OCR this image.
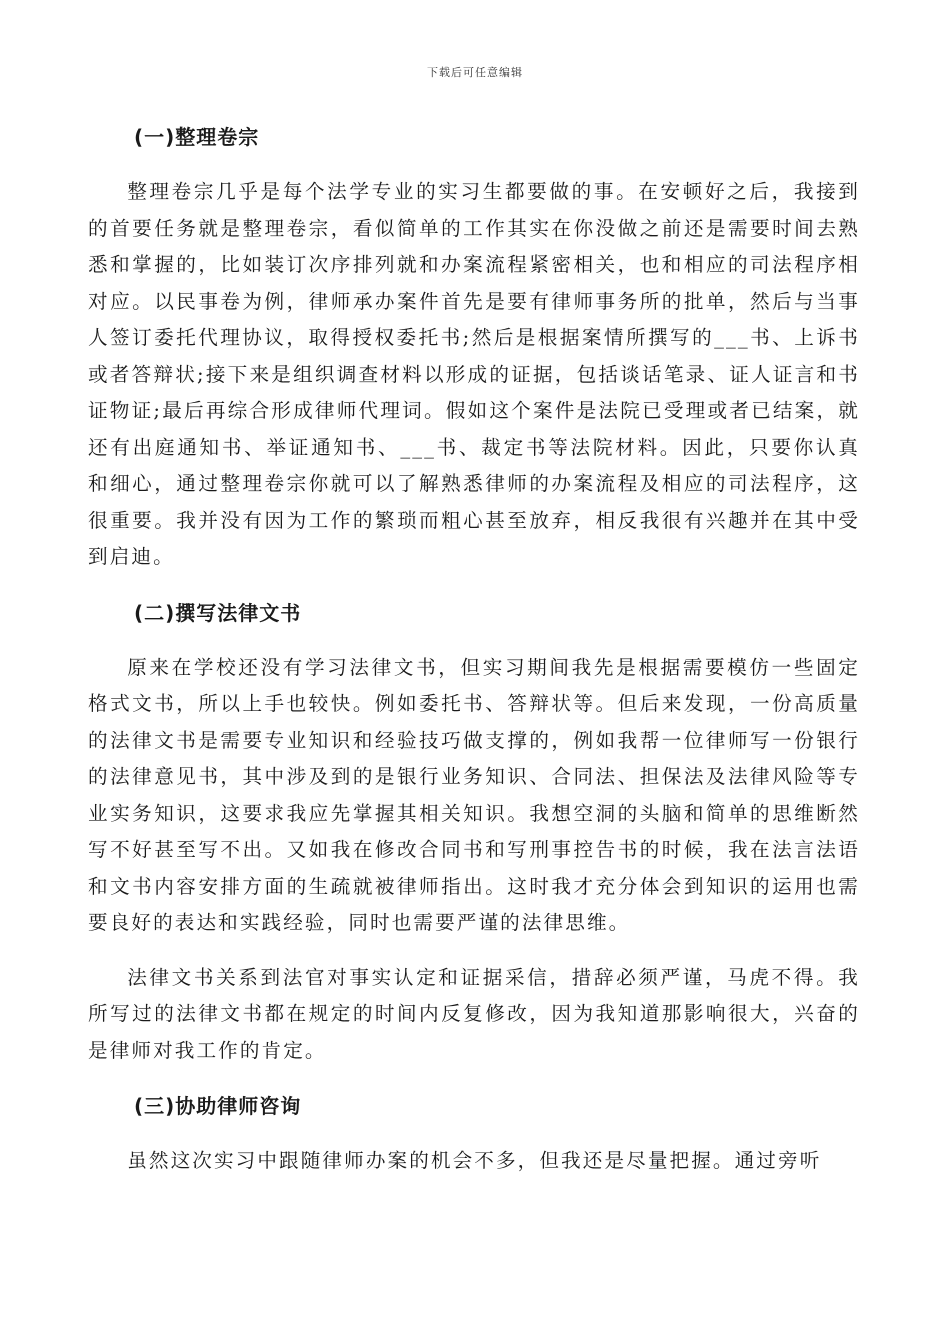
下载后可任意编辑
(一)整理卷宗

整理卷宗几乎是每个法学专业的实习生都要做的事。在安顿好之后，我接到的首要任务就是整理卷宗，看似简单的工作其实在你没做之前还是需要时间去熟悉和掌握的，比如装订次序排列就和办案流程紧密相关，也和相应的司法程序相对应。以民事卷为例，律师承办案件首先是要有律师事务所的批单，然后与当事人签订委托代理协议，取得授权委托书;然后是根据案情所撰写的___书、上诉书或者答辩状;接下来是组织调查材料以形成的证据，包括谈话笔录、证人证言和书证物证;最后再综合形成律师代理词。假如这个案件是法院已受理或者已结案，就还有出庭通知书、举证通知书、___书、裁定书等法院材料。因此，只要你认真和细心，通过整理卷宗你就可以了解熟悉律师的办案流程及相应的司法程序，这很重要。我并没有因为工作的繁琐而粗心甚至放弃，相反我很有兴趣并在其中受到启迪。

(二)撰写法律文书

原来在学校还没有学习法律文书，但实习期间我先是根据需要模仿一些固定格式文书，所以上手也较快。例如委托书、答辩状等。但后来发现，一份高质量的法律文书是需要专业知识和经验技巧做支撑的，例如我帮一位律师写一份银行的法律意见书，其中涉及到的是银行业务知识、合同法、担保法及法律风险等专业实务知识，这要求我应先掌握其相关知识。我想空洞的头脑和简单的思维断然写不好甚至写不出。又如我在修改合同书和写刑事控告书的时候，我在法言法语和文书内容安排方面的生疏就被律师指出。这时我才充分体会到知识的运用也需要良好的表达和实践经验，同时也需要严谨的法律思维。

法律文书关系到法官对事实认定和证据采信，措辞必须严谨，马虎不得。我所写过的法律文书都在规定的时间内反复修改，因为我知道那影响很大，兴奋的是律师对我工作的肯定。

(三)协助律师咨询

虽然这次实习中跟随律师办案的机会不多，但我还是尽量把握。通过旁听
